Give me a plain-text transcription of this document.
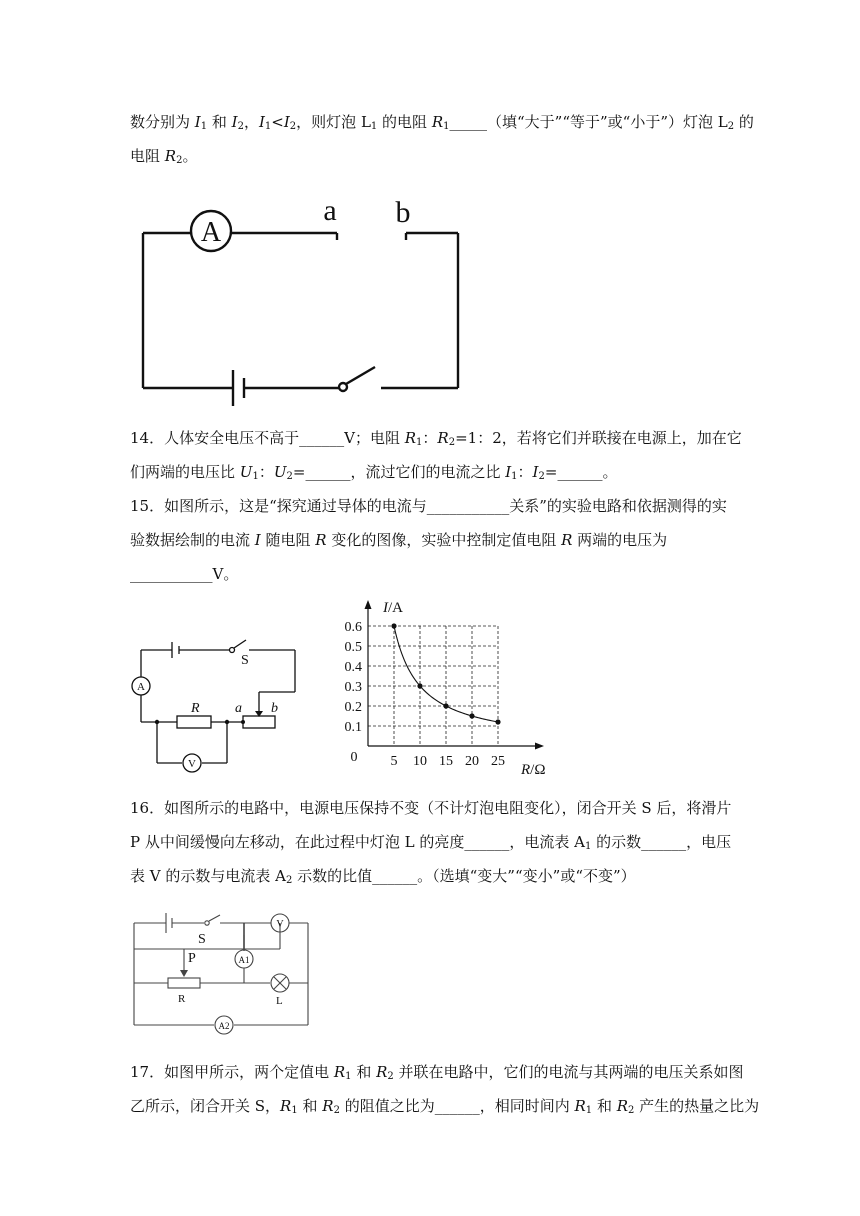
数分别为 $I_1$ 和 $I_2$，$I_1<I_2$，则灯泡 $L_1$ 的电阻 $R_1\_\_\_\_\_$（填“大于”“等于”或“小于”）灯泡 $L_2$ 的
电阻 $R_2$。
A
a b
14．人体安全电压不高于______V；电阻 $R_1$：$R_2=1$：2，若将它们并联接在电源上，加在它
们两端的电压比 $U_1$：$U_2=\_\_\_\_\_\_$，流过它们的电流之比 $I_1$：$I_2=\_\_\_\_\_\_$。
15．如图所示，这是“探究通过导体的电流与___________关系”的实验电路和依据测得的实
验数据绘制的电流 I 随电阻 R 变化的图像，实验中控制定值电阻 R 两端的电压为
___________V。
S
A
R	a b
V	5 10 15 20 25
0.1
0.2
0.3
0.4
0.5
0.6
I/A
R/Ω
0
16．如图所示的电路中，电源电压保持不变（不计灯泡电阻变化），闭合开关 S 后，将滑片
P 从中间缓慢向左移动，在此过程中灯泡 L 的亮度______，电流表 $A_1$ 的示数______，电压
表 V 的示数与电流表 $A_2$ 示数的比值______。（选填“变大”“变小”或“不变”）
S
V
A1
P
R	L
A2
17．如图甲所示，两个定值电 $R_1$ 和 $R_2$ 并联在电路中，它们的电流与其两端的电压关系如图
乙所示，闭合开关 S，$R_1$ 和 $R_2$ 的阻值之比为______，相同时间内 $R_1$ 和 $R_2$ 产生的热量之比为
